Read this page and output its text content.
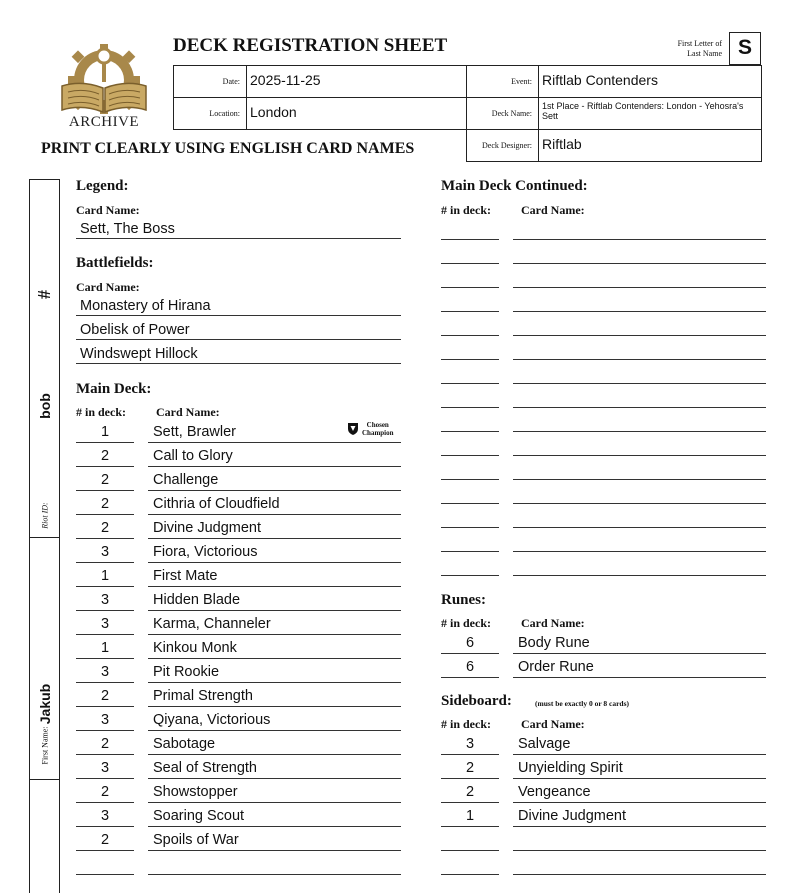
ARCHIVE
DECK REGISTRATION SHEET	First Letter of
Last Name S
Date: 2025-11-25
Location: London
Event: Riftlab Contenders
Deck Name:
1st Place - Riftlab Contenders: London - Yehosra's Sett
Deck Designer: Riftlab
PRINT CLEARLY USING ENGLISH CARD NAMES
#
bob
Riot ID:
Jakub
First Name:
Legend:
Card Name:
Sett, The Boss
Battlefields:
Card Name:
Monastery of Hirana
Obelisk of Power
Windswept Hillock
Main Deck:
# in deck: Card Name:
Chosen
Champion
1	Sett, Brawler
2	Call to Glory
2	Challenge
2	Cithria of Cloudfield
2	Divine Judgment
3	Fiora, Victorious
1	First Mate
3	Hidden Blade
3	Karma, Channeler
1	Kinkou Monk
3	Pit Rookie
2	Primal Strength
3	Qiyana, Victorious
2	Sabotage
3	Seal of Strength
2	Showstopper
3	Soaring Scout
2	Spoils of War
Main Deck Continued:
# in deck: Card Name:
Runes:
# in deck: Card Name:
6	Body Rune
6	Order Rune
Sideboard:	(must be exactly 0 or 8 cards)
# in deck: Card Name:
3	Salvage
2	Unyielding Spirit
2	Vengeance
1	Divine Judgment
